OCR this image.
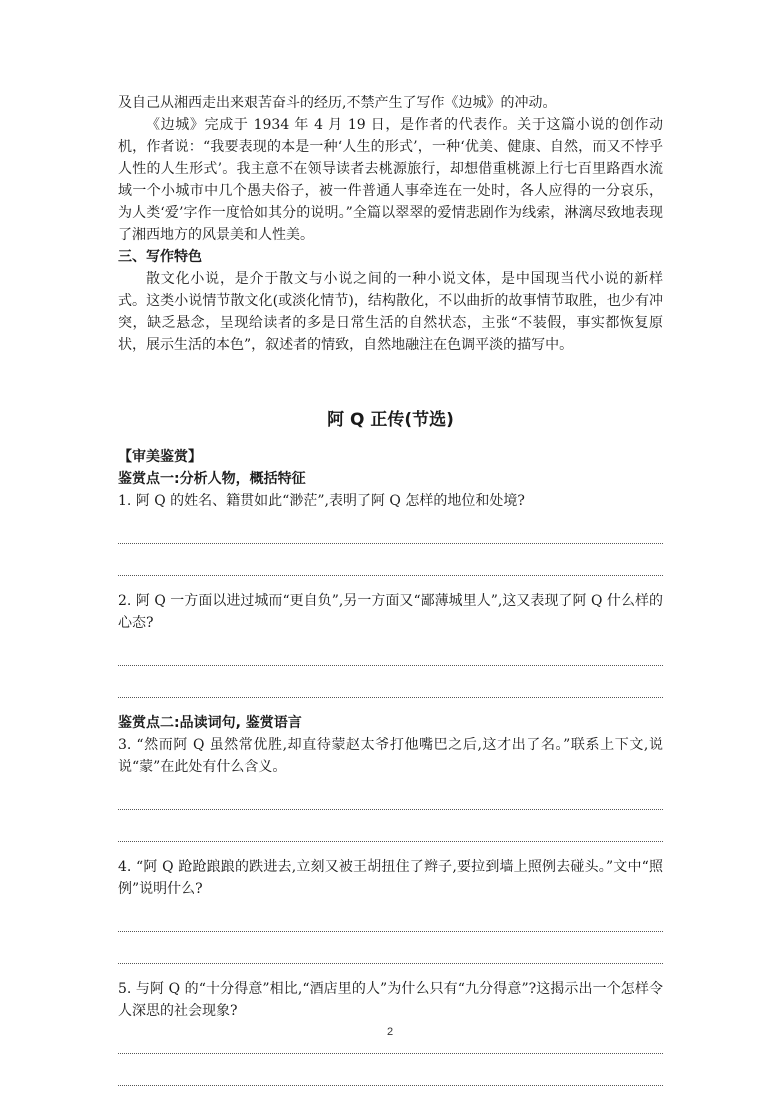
及自己从湘西走出来艰苦奋斗的经历,不禁产生了写作《边城》的冲动。

《边城》完成于 1934 年 4 月 19 日，是作者的代表作。关于这篇小说的创作动机，作者说：“我要表现的本是一种‘人生的形式’，一种‘优美、健康、自然，而又不悖乎人性的人生形式’。我主意不在领导读者去桃源旅行，却想借重桃源上行七百里路酉水流域一个小城市中几个愚夫俗子，被一件普通人事牵连在一处时，各人应得的一分哀乐，为人类‘爱’字作一度恰如其分的说明。”全篇以翠翠的爱情悲剧作为线索，淋漓尽致地表现了湘西地方的风景美和人性美。

三、写作特色

散文化小说，是介于散文与小说之间的一种小说文体，是中国现当代小说的新样式。这类小说情节散文化(或淡化情节)，结构散化，不以曲折的故事情节取胜，也少有冲突，缺乏悬念，呈现给读者的多是日常生活的自然状态，主张“不装假，事实都恢复原状，展示生活的本色”，叙述者的情致，自然地融注在色调平淡的描写中。

阿 Q 正传(节选)

【审美鉴赏】

鉴赏点一:分析人物，概括特征

1. 阿 Q 的姓名、籍贯如此“渺茫”,表明了阿 Q 怎样的地位和处境?

2. 阿 Q 一方面以进过城而“更自负”,另一方面又“鄙薄城里人”,这又表现了阿 Q 什么样的心态?

鉴赏点二:品读词句, 鉴赏语言

3. “然而阿 Q 虽然常优胜,却直待蒙赵太爷打他嘴巴之后,这才出了名。”联系上下文,说说“蒙”在此处有什么含义。

4. “阿 Q 跄跄踉踉的跌进去,立刻又被王胡扭住了辫子,要拉到墙上照例去碰头。”文中“照例”说明什么?

5. 与阿 Q 的“十分得意”相比,“酒店里的人”为什么只有“九分得意”?这揭示出一个怎样令人深思的社会现象?

2
